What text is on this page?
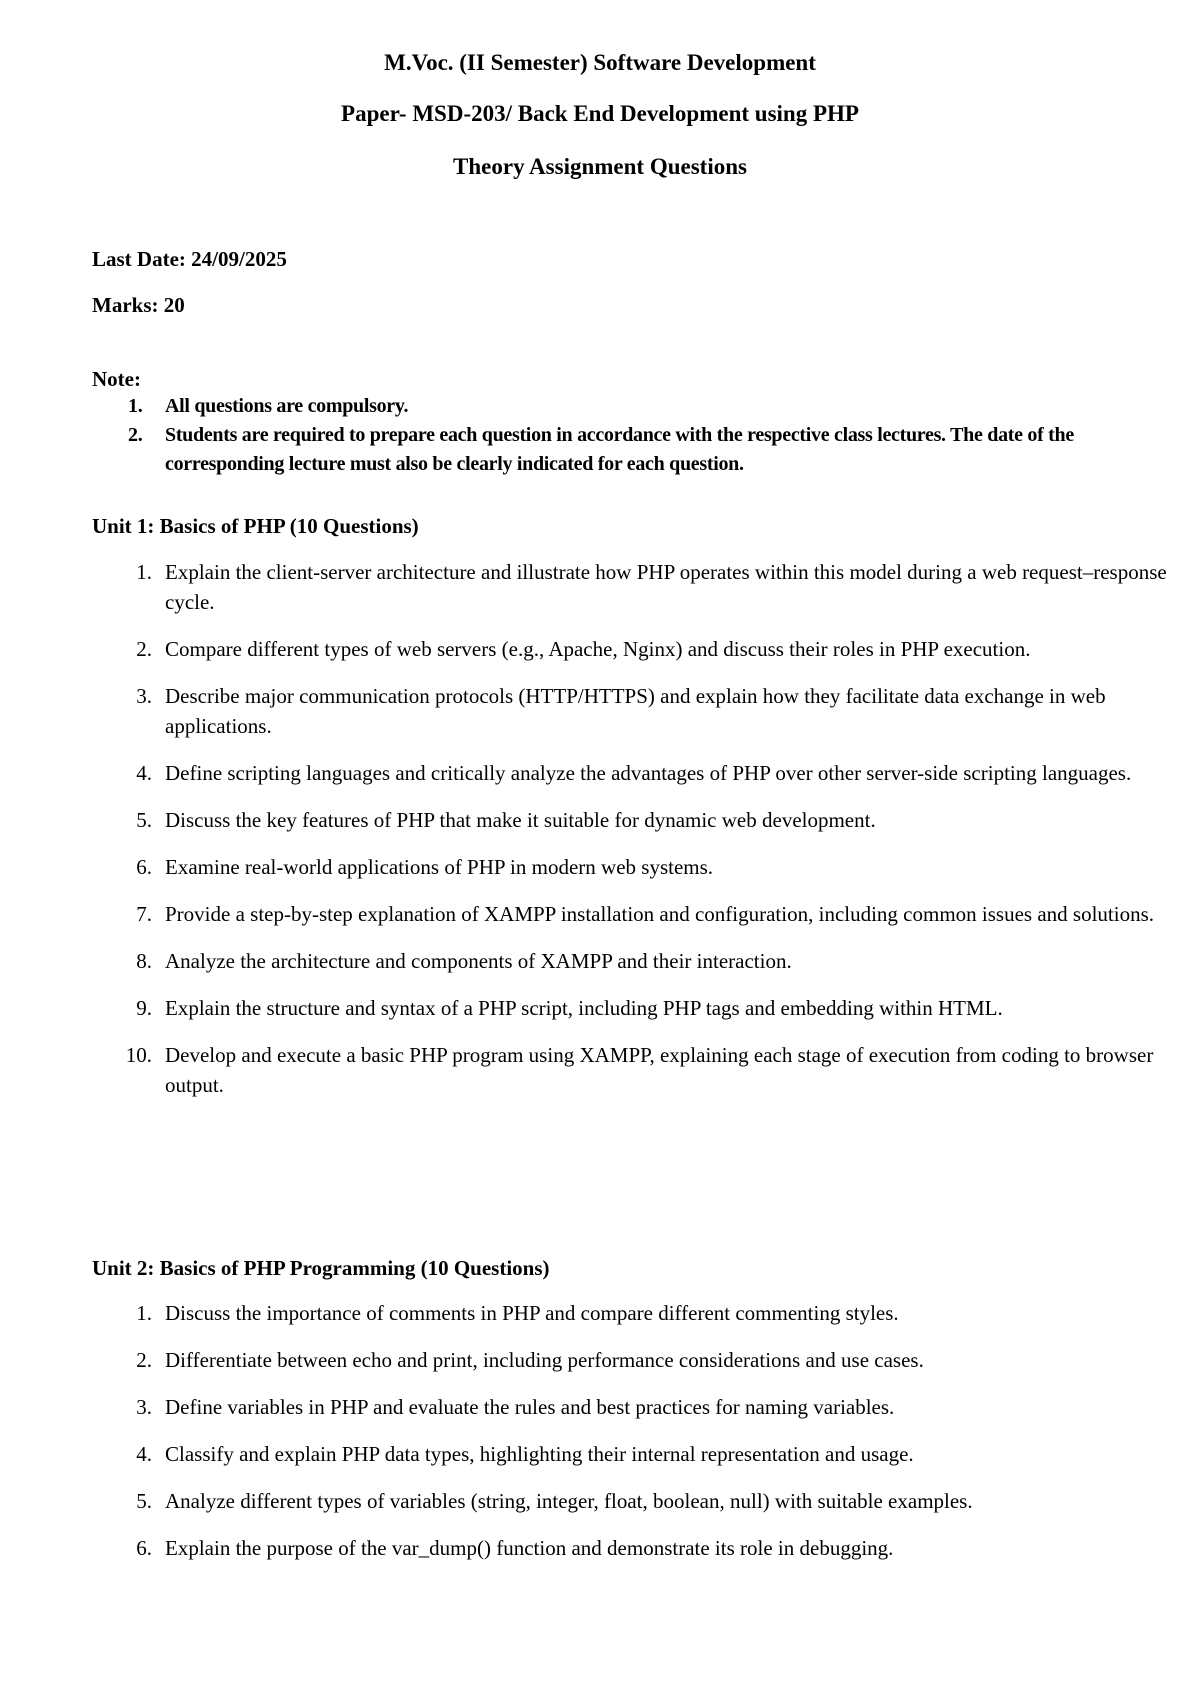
M.Voc. (II Semester) Software Development
Paper- MSD-203/ Back End Development using PHP
Theory Assignment Questions
Last Date: 24/09/2025
Marks: 20
Note:
1. All questions are compulsory.
2. Students are required to prepare each question in accordance with the respective class lectures. The date of the corresponding lecture must also be clearly indicated for each question.
Unit 1: Basics of PHP (10 Questions)
1. Explain the client-server architecture and illustrate how PHP operates within this model during a web request–response cycle.
2. Compare different types of web servers (e.g., Apache, Nginx) and discuss their roles in PHP execution.
3. Describe major communication protocols (HTTP/HTTPS) and explain how they facilitate data exchange in web applications.
4. Define scripting languages and critically analyze the advantages of PHP over other server-side scripting languages.
5. Discuss the key features of PHP that make it suitable for dynamic web development.
6. Examine real-world applications of PHP in modern web systems.
7. Provide a step-by-step explanation of XAMPP installation and configuration, including common issues and solutions.
8. Analyze the architecture and components of XAMPP and their interaction.
9. Explain the structure and syntax of a PHP script, including PHP tags and embedding within HTML.
10. Develop and execute a basic PHP program using XAMPP, explaining each stage of execution from coding to browser output.
Unit 2: Basics of PHP Programming (10 Questions)
1. Discuss the importance of comments in PHP and compare different commenting styles.
2. Differentiate between echo and print, including performance considerations and use cases.
3. Define variables in PHP and evaluate the rules and best practices for naming variables.
4. Classify and explain PHP data types, highlighting their internal representation and usage.
5. Analyze different types of variables (string, integer, float, boolean, null) with suitable examples.
6. Explain the purpose of the var_dump() function and demonstrate its role in debugging.
